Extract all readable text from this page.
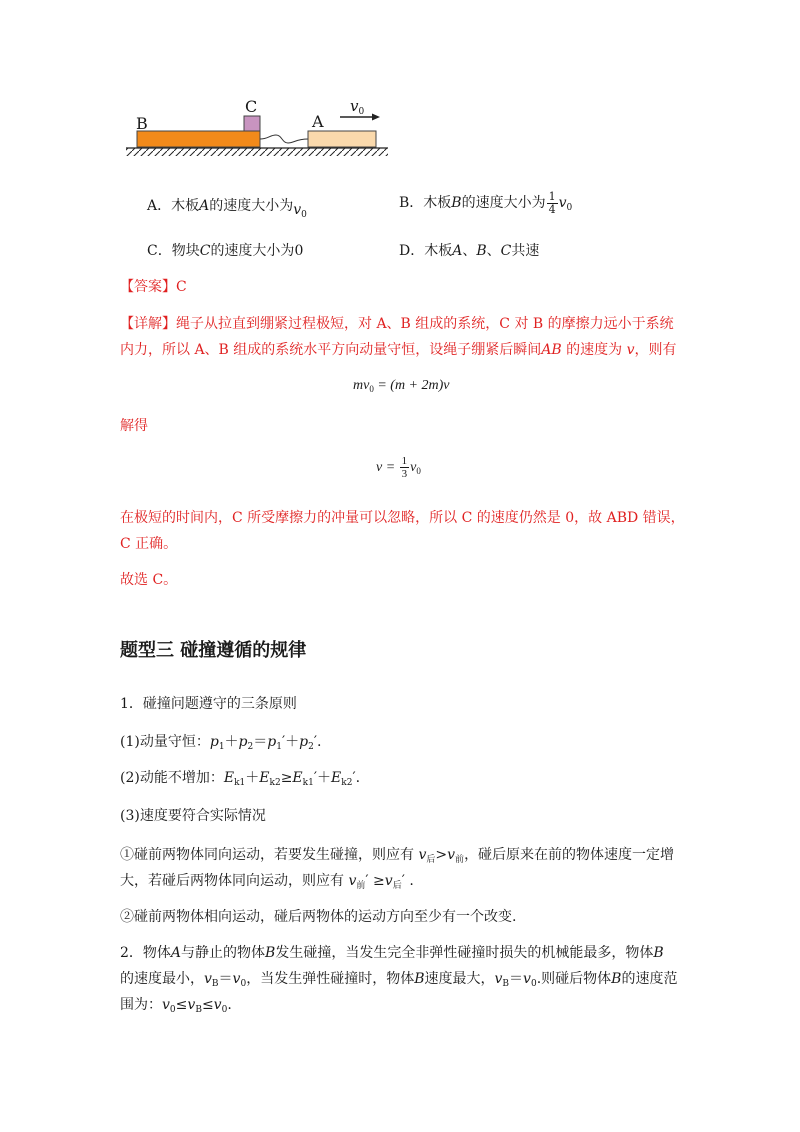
B
C
A
$v_0$
A．木板A的速度大小为$v_0$
B．木板B的速度大小为 $\frac{1}{4} v_0$
C．物块C的速度大小为0	D．木板A、B、C共速
【答案】C
【详解】绳子从拉直到绷紧过程极短，对 A、B 组成的系统，C 对 B 的摩擦力远小于系统
内力，所以 A、B 组成的系统水平方向动量守恒，设绳子绷紧后瞬间AB 的速度为 v，则有
$mv_0 = (m + 2m)v$
解得
$v = \frac{1}{3} v_0$
在极短的时间内，C 所受摩擦力的冲量可以忽略，所以 C 的速度仍然是 0，故 ABD 错误，
C 正确。
故选 C。
题型三 碰撞遵循的规律
1．碰撞问题遵守的三条原则
(1)动量守恒：$p_1+p_2=p_1'+p_2'$.
(2)动能不增加：$E_{k1}+E_{k2}\ge E_{k1}'+E_{k2}'$.
(3)速度要符合实际情况
①碰前两物体同向运动，若要发生碰撞，则应有 $v_后>v_前$，碰后原来在前的物体速度一定增
大，若碰后两物体同向运动，则应有 $v_前' \ge v_后'$ .
②碰前两物体相向运动，碰后两物体的运动方向至少有一个改变.
2．物体A与静止的物体B发生碰撞，当发生完全非弹性碰撞时损失的机械能最多，物体B
的速度最小，$v_B=v_0$，当发生弹性碰撞时，物体B速度最大，$v_B=v_0$.则碰后物体B的速度范
围为：$v_0\le v_B\le v_0$.
